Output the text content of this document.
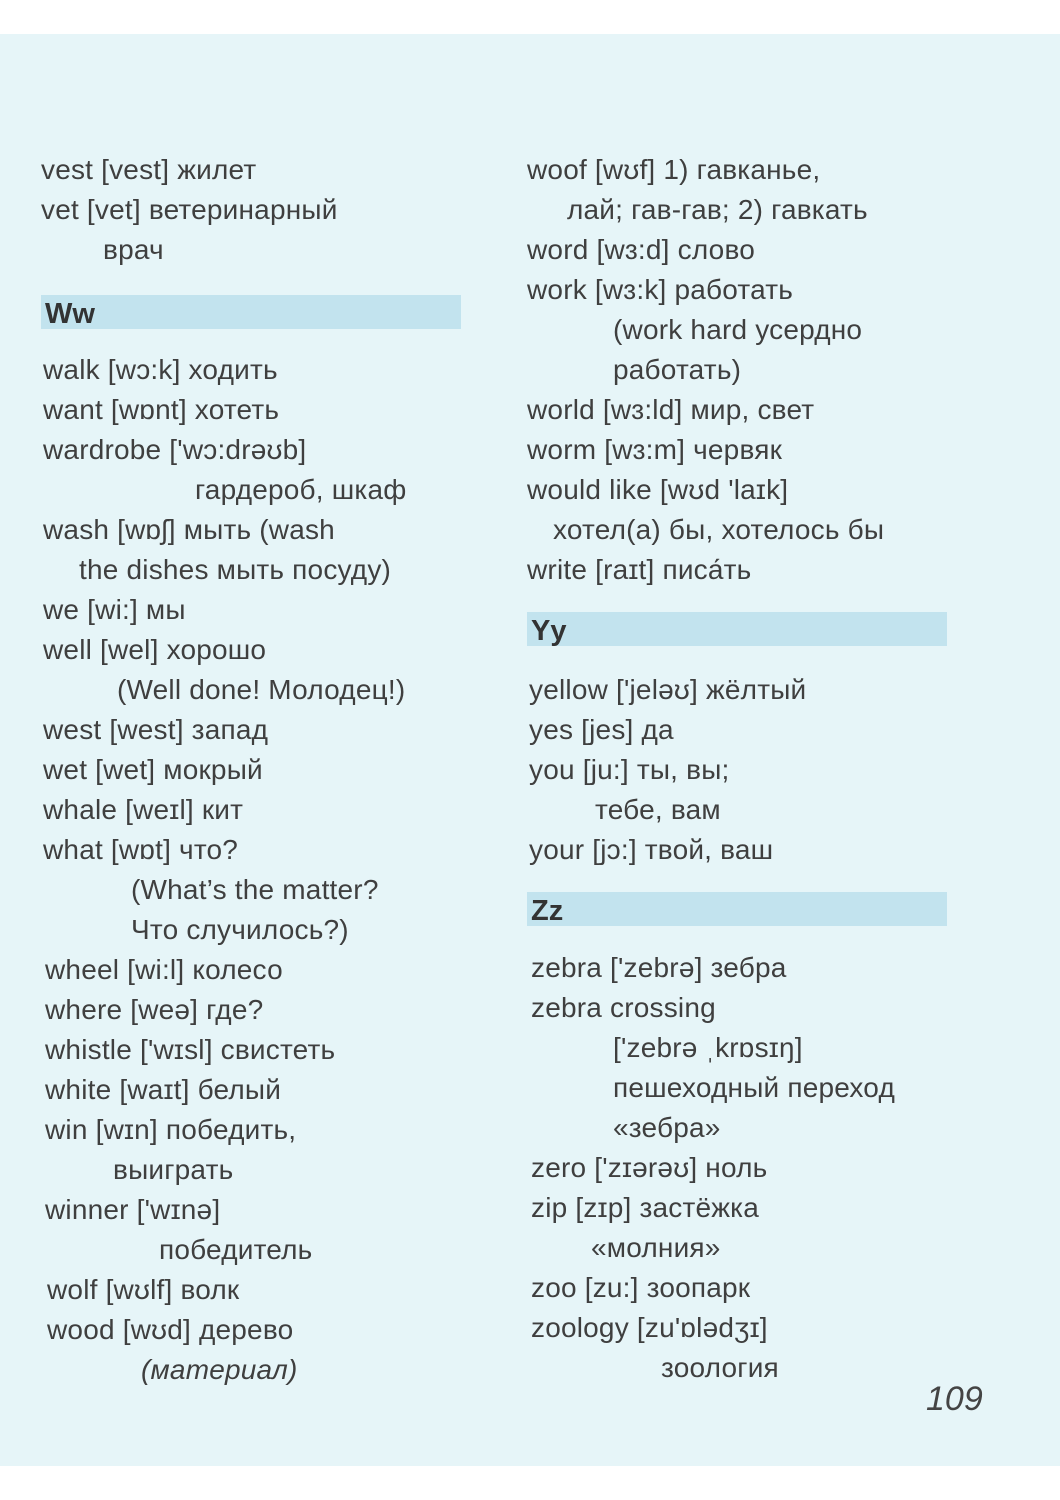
vest [vest] жилет
vet [vet] ветеринарный
врач
Ww
walk [wɔ:k] ходить
want [wɒnt] хотеть
wardrobe ['wɔ:drəʊb]
гардероб, шкаф
wash [wɒʃ] мыть (wash
the dishes мыть посуду)
we [wi:] мы
well [wel] хорошо
(Well done! Молодец!)
west [west] запад
wet [wet] мокрый
whale [weɪl] кит
what [wɒt] что?
(What’s the matter?
Что случилось?)
wheel [wi:l] колесо
where [weə] где?
whistle ['wɪsl] свистеть
white [waɪt] белый
win [wɪn] победить,
выиграть
winner ['wɪnə]
победитель
wolf [wʊlf] волк
wood [wʊd] дерево
(материал)
woof [wʊf] 1) гавканье,
лай; гав-гав; 2) гавкать
word [wɜ:d] слово
work [wɜ:k] работать
(work hard усердно
работать)
world [wɜ:ld] мир, свет
worm [wɜ:m] червяк
would like [wʊd 'laɪk]
хотел(а) бы, хотелось бы
write [raɪt] писа́ть
Yy
yellow ['jeləʊ] жёлтый
yes [jes] да
you [ju:] ты, вы;
тебе, вам
your [jɔ:] твой, ваш
Zz
zebra ['zebrə] зебра
zebra crossing
['zebrə ˌkrɒsɪŋ]
пешеходный переход
«зебра»
zero ['zɪərəʊ] ноль
zip [zɪp] застёжка
«молния»
zoo [zu:] зоопарк
zoology [zu'ɒlədʒɪ]
зоология
109
